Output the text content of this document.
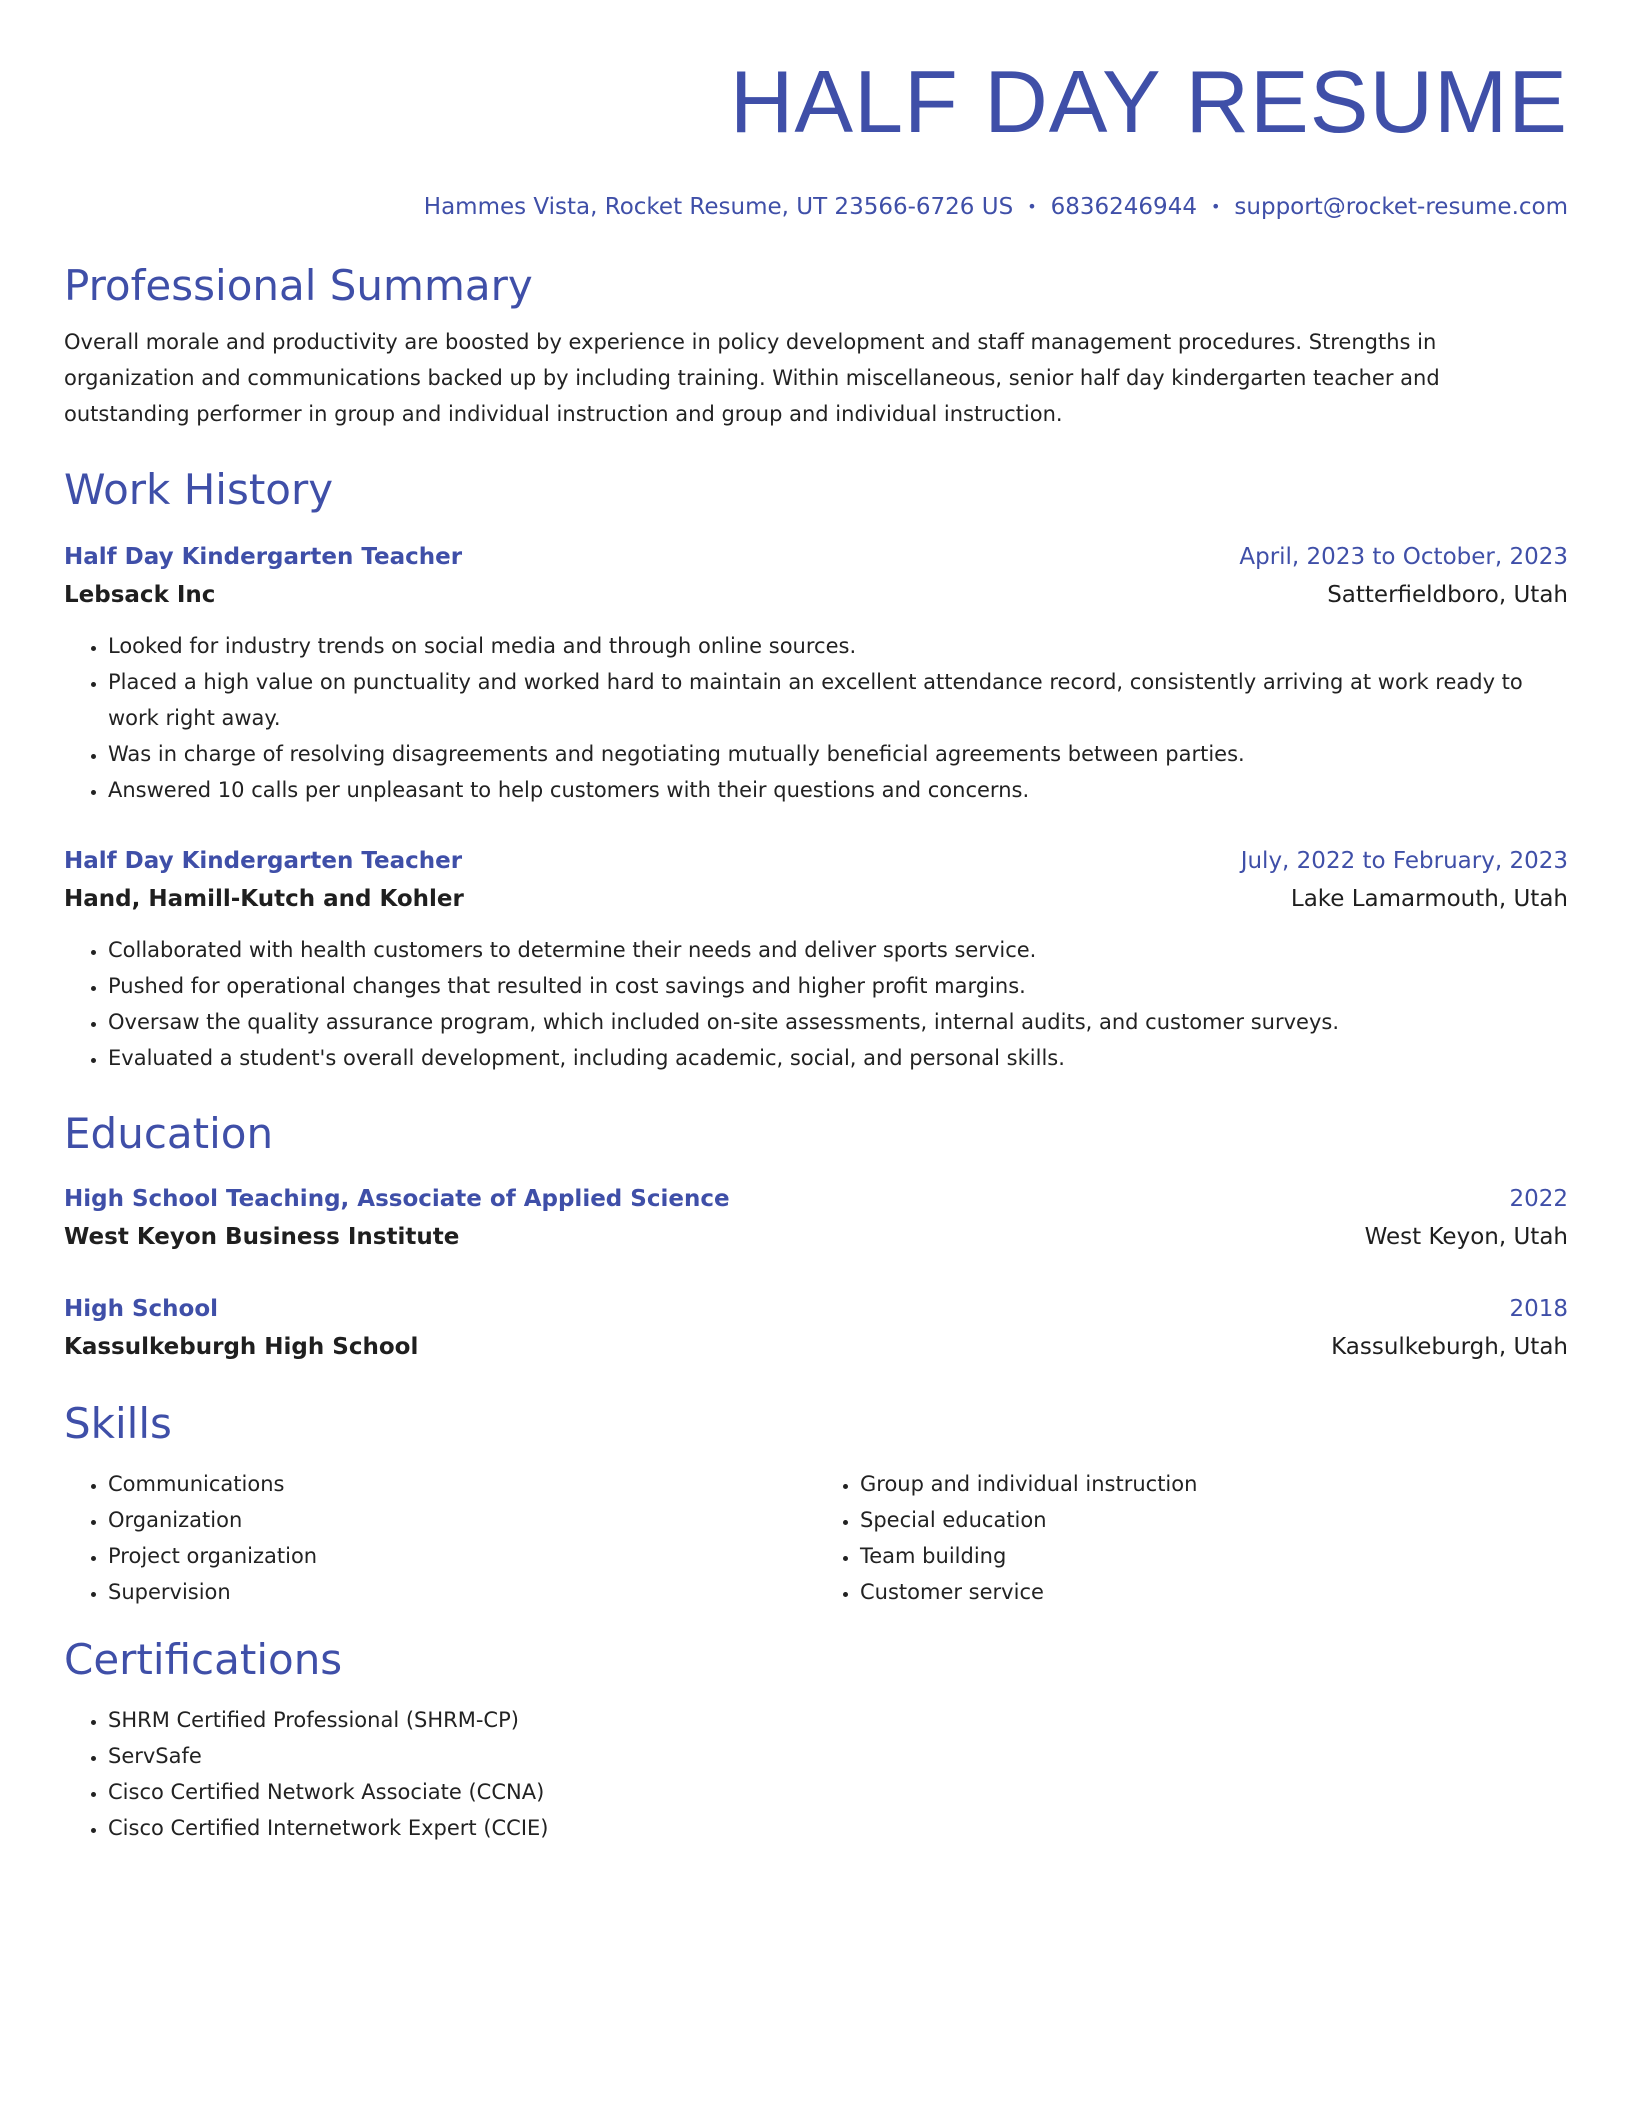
HALF DAY RESUME
Hammes Vista, Rocket Resume, UT 23566-6726 US • 6836246944 • support@rocket-resume.com
Professional Summary
Overall morale and productivity are boosted by experience in policy development and staff management procedures. Strengths in organization and communications backed up by including training. Within miscellaneous, senior half day kindergarten teacher and outstanding performer in group and individual instruction and group and individual instruction.
Work History
Half Day Kindergarten Teacher	April, 2023 to October, 2023
Lebsack Inc	Satterfieldboro, Utah
• Looked for industry trends on social media and through online sources.
• Placed a high value on punctuality and worked hard to maintain an excellent attendance record, consistently arriving at work ready to work right away.
• Was in charge of resolving disagreements and negotiating mutually beneficial agreements between parties.
• Answered 10 calls per unpleasant to help customers with their questions and concerns.
Half Day Kindergarten Teacher	July, 2022 to February, 2023
Hand, Hamill-Kutch and Kohler	Lake Lamarmouth, Utah
• Collaborated with health customers to determine their needs and deliver sports service.
• Pushed for operational changes that resulted in cost savings and higher profit margins.
• Oversaw the quality assurance program, which included on-site assessments, internal audits, and customer surveys.
• Evaluated a student's overall development, including academic, social, and personal skills.
Education
High School Teaching, Associate of Applied Science	2022
West Keyon Business Institute	West Keyon, Utah
High School	2018
Kassulkeburgh High School	Kassulkeburgh, Utah
Skills
• Communications
• Organization
• Project organization
• Supervision
• Group and individual instruction
• Special education
• Team building
• Customer service
Certifications
• SHRM Certified Professional (SHRM-CP)
• ServSafe
• Cisco Certified Network Associate (CCNA)
• Cisco Certified Internetwork Expert (CCIE)
